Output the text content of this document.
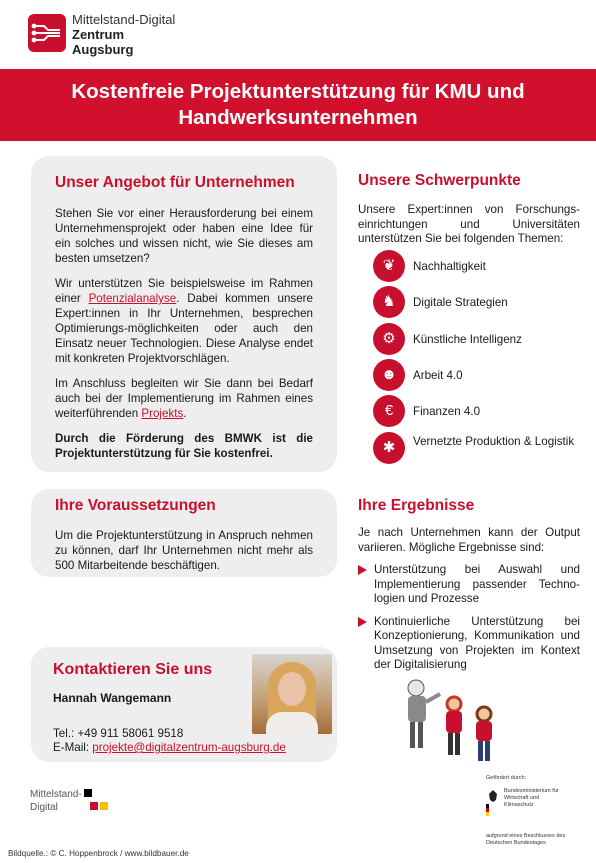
Mittelstand-Digital
Zentrum
Augsburg
Kostenfreie Projektunterstützung für KMU und
Handwerksunternehmen
Unser Angebot für Unternehmen

Stehen Sie vor einer Herausforderung bei einem Unternehmensprojekt oder haben eine Idee für ein solches und wissen nicht, wie Sie dieses am besten umsetzen?

Wir unterstützen Sie beispielsweise im Rahmen einer Potenzialanalyse. Dabei kommen unsere Expert:innen in Ihr Unternehmen, besprechen Optimierungs-möglichkeiten oder auch den Einsatz neuer Technologien. Diese Analyse endet mit konkreten Projektvorschlägen.

Im Anschluss begleiten wir Sie dann bei Bedarf auch bei der Implementierung im Rahmen eines weiterführenden Projekts.

Durch die Förderung des BMWK ist die Projektunterstützung für Sie kostenfrei.

Ihre Voraussetzungen

Um die Projektunterstützung in Anspruch nehmen zu können, darf Ihr Unternehmen nicht mehr als 500 Mitarbeitende beschäftigen.

Kontaktieren Sie uns
Hannah Wangemann
Tel.: +49 911 58061 9518
E-Mail: projekte@digitalzentrum-augsburg.de
Unsere Schwerpunkte

Unsere Expert:innen von Forschungs-einrichtungen und Universitäten unterstützen Sie bei folgenden Themen:

❦	Nachhaltigkeit
♞	Digitale Strategien
⚙	Künstliche Intelligenz
☻	Arbeit 4.0
€	Finanzen 4.0
✱	Vernetzte Produktion & Logistik
Ihre Ergebnisse

Je nach Unternehmen kann der Output variieren. Mögliche Ergebnisse sind:

Unterstützung bei Auswahl und Implementierung passender Techno-logien und Prozesse
Kontinuierliche Unterstützung bei Konzeptionierung, Kommunikation und Umsetzung von Projekten im Kontext der Digitalisierung
Mittelstand-
Digital
Gefördert durch:
Bundesministerium für Wirtschaft und Klimaschutz
aufgrund eines Beschlusses des Deutschen Bundestages
Bildquelle.: © C. Hoppenbrock / www.bildbauer.de
